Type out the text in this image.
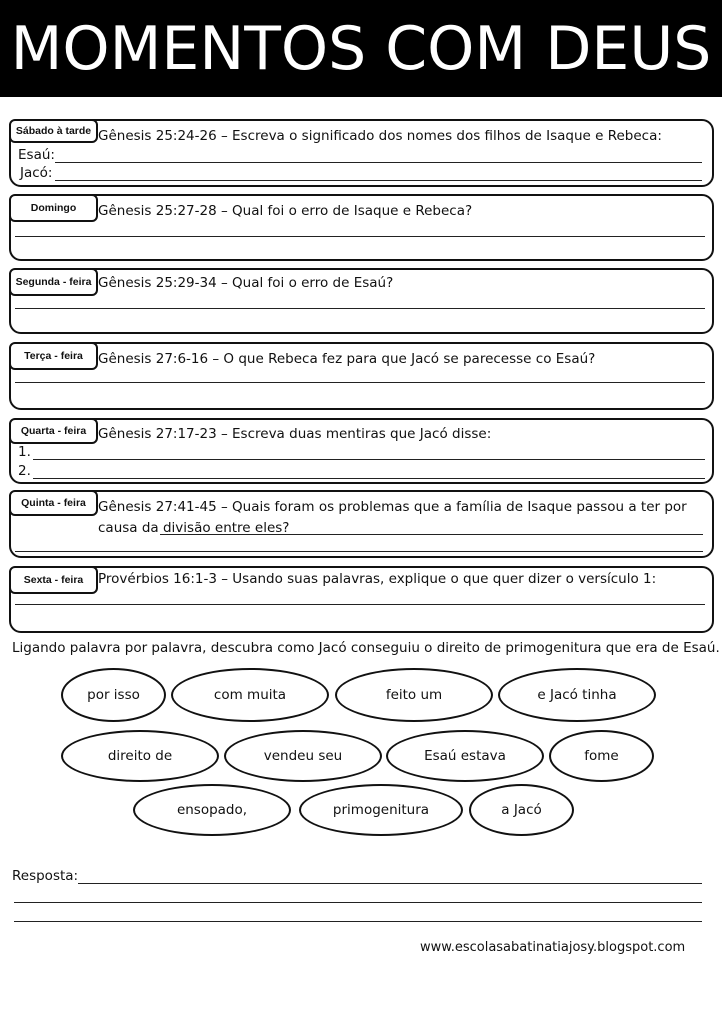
MOMENTOS COM DEUS
Sábado à tarde Gênesis 25:24-26 – Escreva o significado dos nomes dos filhos de Isaque e Rebeca:
Esaú:
Jacó:
Domingo	Gênesis 25:27-28 – Qual foi o erro de Isaque e Rebeca?
Segunda - feira Gênesis 25:29-34 – Qual foi o erro de Esaú?
Terça - feira	Gênesis 27:6-16 – O que Rebeca fez para que Jacó se parecesse co Esaú?
Quarta - feira Gênesis 27:17-23 – Escreva duas mentiras que Jacó disse:
1.
2.
Quinta - feira Gênesis 27:41-45 – Quais foram os problemas que a família de Isaque passou a ter por causa da divisão entre eles?
Sexta - feira	Provérbios 16:1-3 – Usando suas palavras, explique o que quer dizer o versículo 1:
Ligando palavra por palavra, descubra como Jacó conseguiu o direito de primogenitura que era de Esaú.
por isso	com muita	feito um	e Jacó tinha
direito de	vendeu seu	Esaú estava	fome
ensopado,	primogenitura	a Jacó
Resposta:
www.escolasabatinatiajosy.blogspot.com
